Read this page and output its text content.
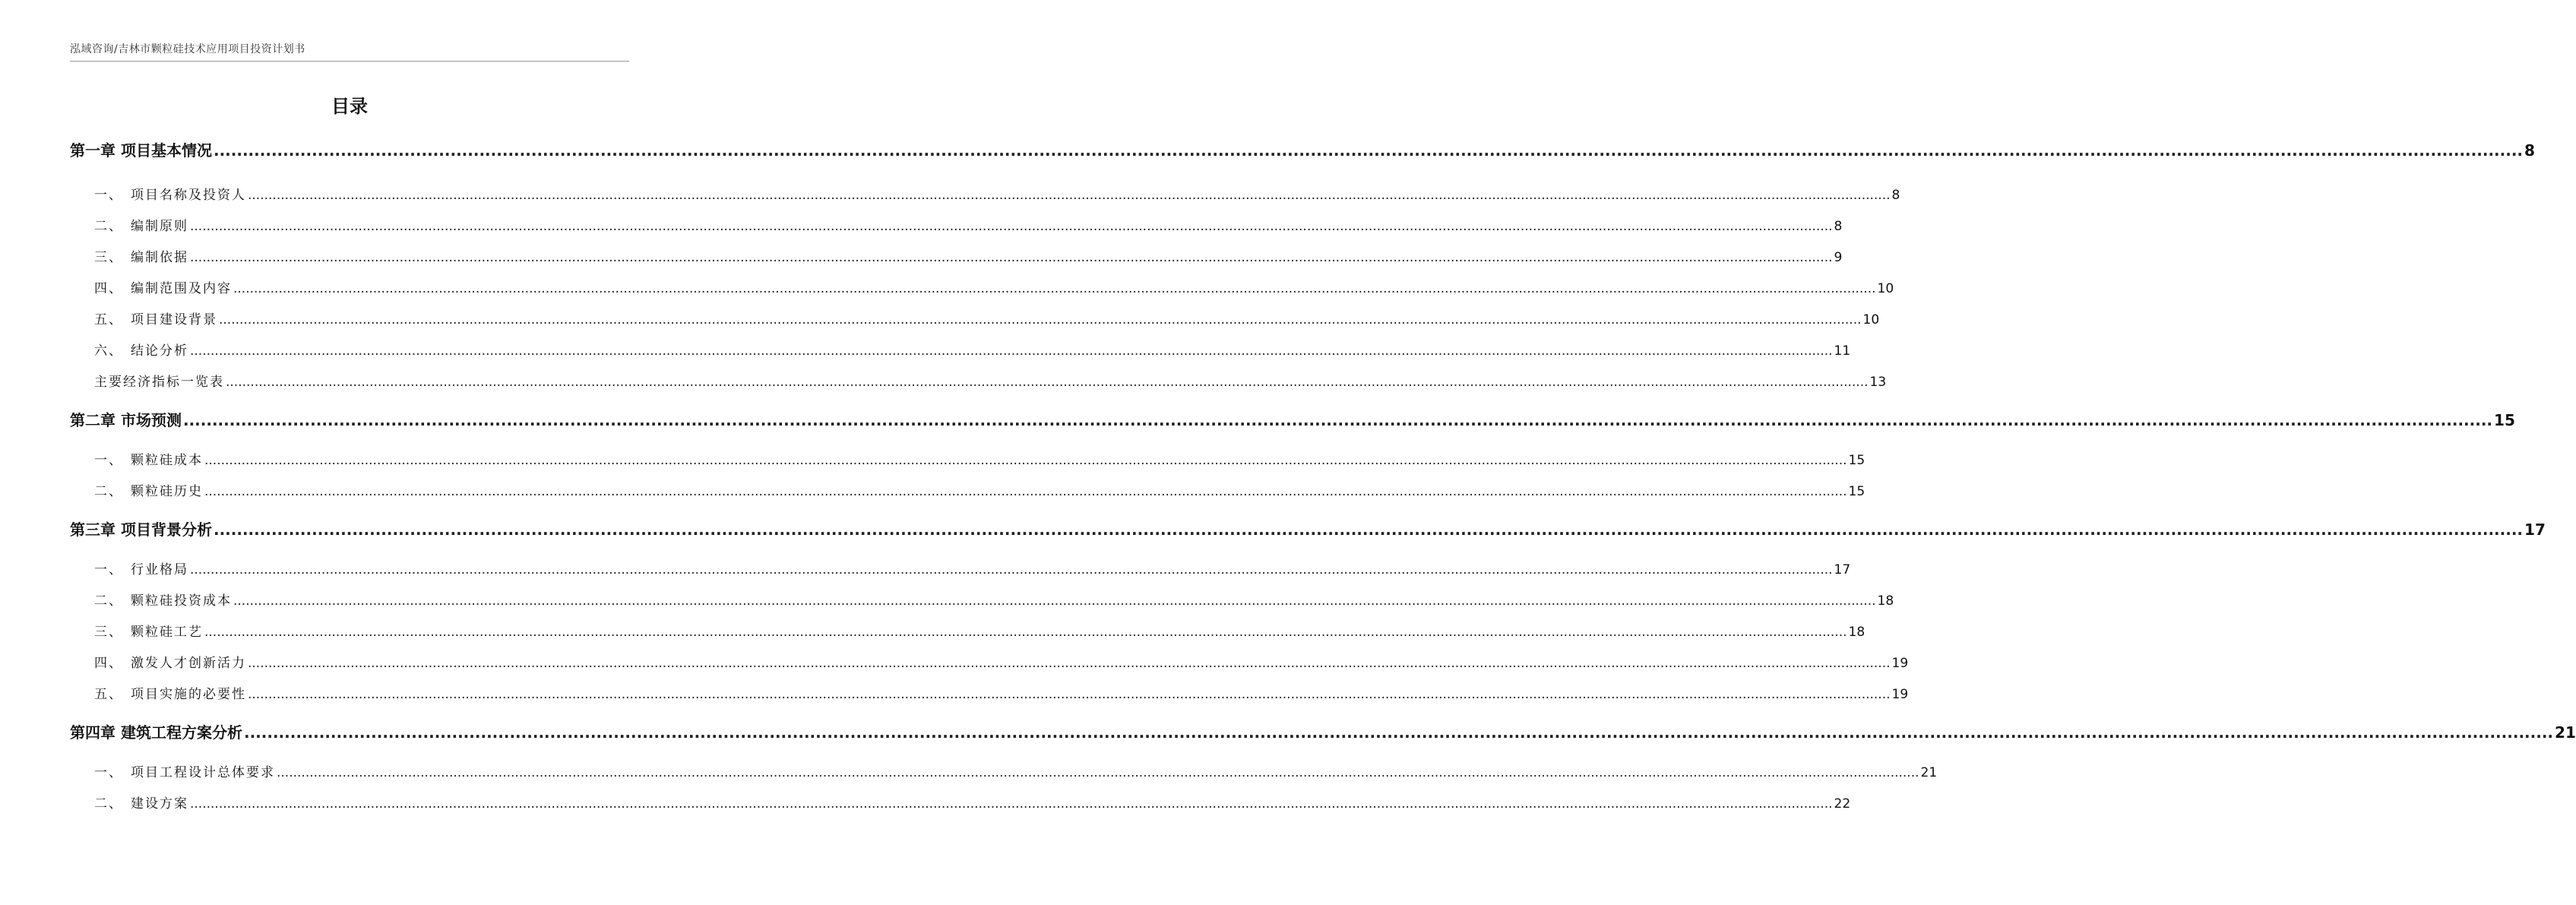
泓域咨询/吉林市颗粒硅技术应用项目投资计划书
目录
第一章 项目基本情况 ................................................................................................................................................................................................................................................................................................................................................................................................................ 8
一、 项目名称及投资人 ................................................................................................................................................................................................................................................................................................................................................................................................................ 8
二、 编制原则 ................................................................................................................................................................................................................................................................................................................................................................................................................ 8
三、 编制依据 ................................................................................................................................................................................................................................................................................................................................................................................................................ 9
四、 编制范围及内容 ................................................................................................................................................................................................................................................................................................................................................................................................................ 10
五、 项目建设背景 ................................................................................................................................................................................................................................................................................................................................................................................................................ 10
六、 结论分析 ................................................................................................................................................................................................................................................................................................................................................................................................................ 11
主要经济指标一览表 ................................................................................................................................................................................................................................................................................................................................................................................................................ 13
第二章 市场预测 ................................................................................................................................................................................................................................................................................................................................................................................................................ 15
一、 颗粒硅成本 ................................................................................................................................................................................................................................................................................................................................................................................................................ 15
二、 颗粒硅历史 ................................................................................................................................................................................................................................................................................................................................................................................................................ 15
第三章 项目背景分析 ................................................................................................................................................................................................................................................................................................................................................................................................................ 17
一、 行业格局 ................................................................................................................................................................................................................................................................................................................................................................................................................ 17
二、 颗粒硅投资成本 ................................................................................................................................................................................................................................................................................................................................................................................................................ 18
三、 颗粒硅工艺 ................................................................................................................................................................................................................................................................................................................................................................................................................ 18
四、 激发人才创新活力 ................................................................................................................................................................................................................................................................................................................................................................................................................ 19
五、 项目实施的必要性 ................................................................................................................................................................................................................................................................................................................................................................................................................ 19
第四章 建筑工程方案分析 ................................................................................................................................................................................................................................................................................................................................................................................................................ 21
一、 项目工程设计总体要求 ................................................................................................................................................................................................................................................................................................................................................................................................................ 21
二、 建设方案 ................................................................................................................................................................................................................................................................................................................................................................................................................ 22
